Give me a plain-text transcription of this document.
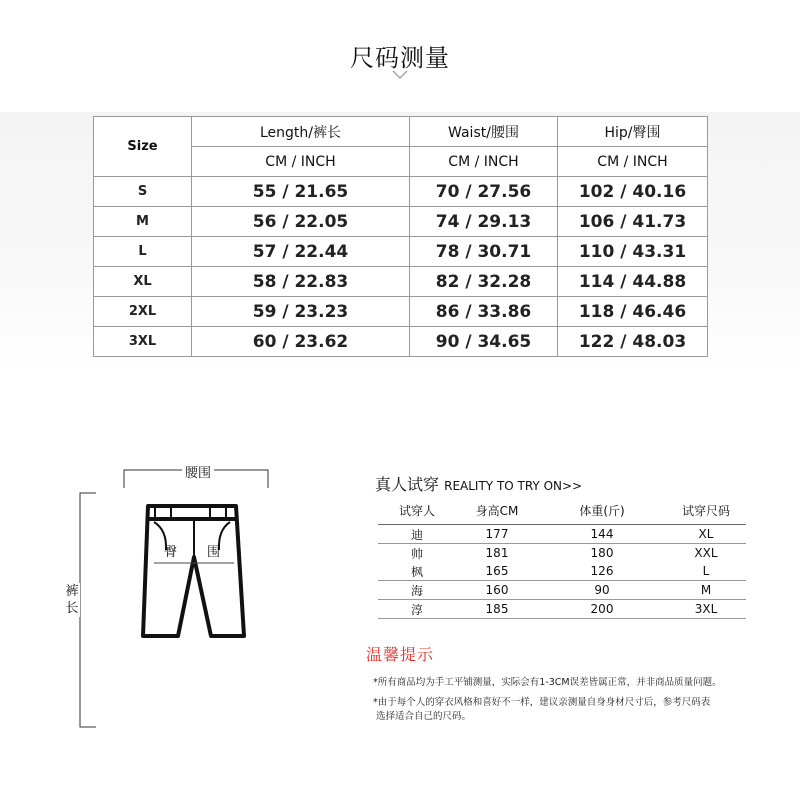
尺码测量
Size	Length/裤长	Waist/腰围	Hip/臀围
	CM / INCH	CM / INCH	CM / INCH
S	55 / 21.65	70 / 27.56	102 / 40.16
M	56 / 22.05	74 / 29.13	106 / 41.73
L	57 / 22.44	78 / 30.71	110 / 43.31
XL	58 / 22.83	82 / 32.28	114 / 44.88
2XL	59 / 23.23	86 / 33.86	118 / 46.46
3XL	60 / 23.62	90 / 34.65	122 / 48.03
臀 围
腰围
裤
长
真人试穿 REALITY TO TRY ON>>
试穿人	身高CM	体重(斤)	试穿尺码
迪	177	144	XL
帅	181	180	XXL
枫	165	126	L
海	160	90	M
淳	185	200	3XL
温馨提示
*所有商品均为手工平铺测量，实际会有1-3CM误差皆属正常，并非商品质量问题。
*由于每个人的穿衣风格和喜好不一样，建议亲测量自身身材尺寸后，参考尺码表
选择适合自己的尺码。
